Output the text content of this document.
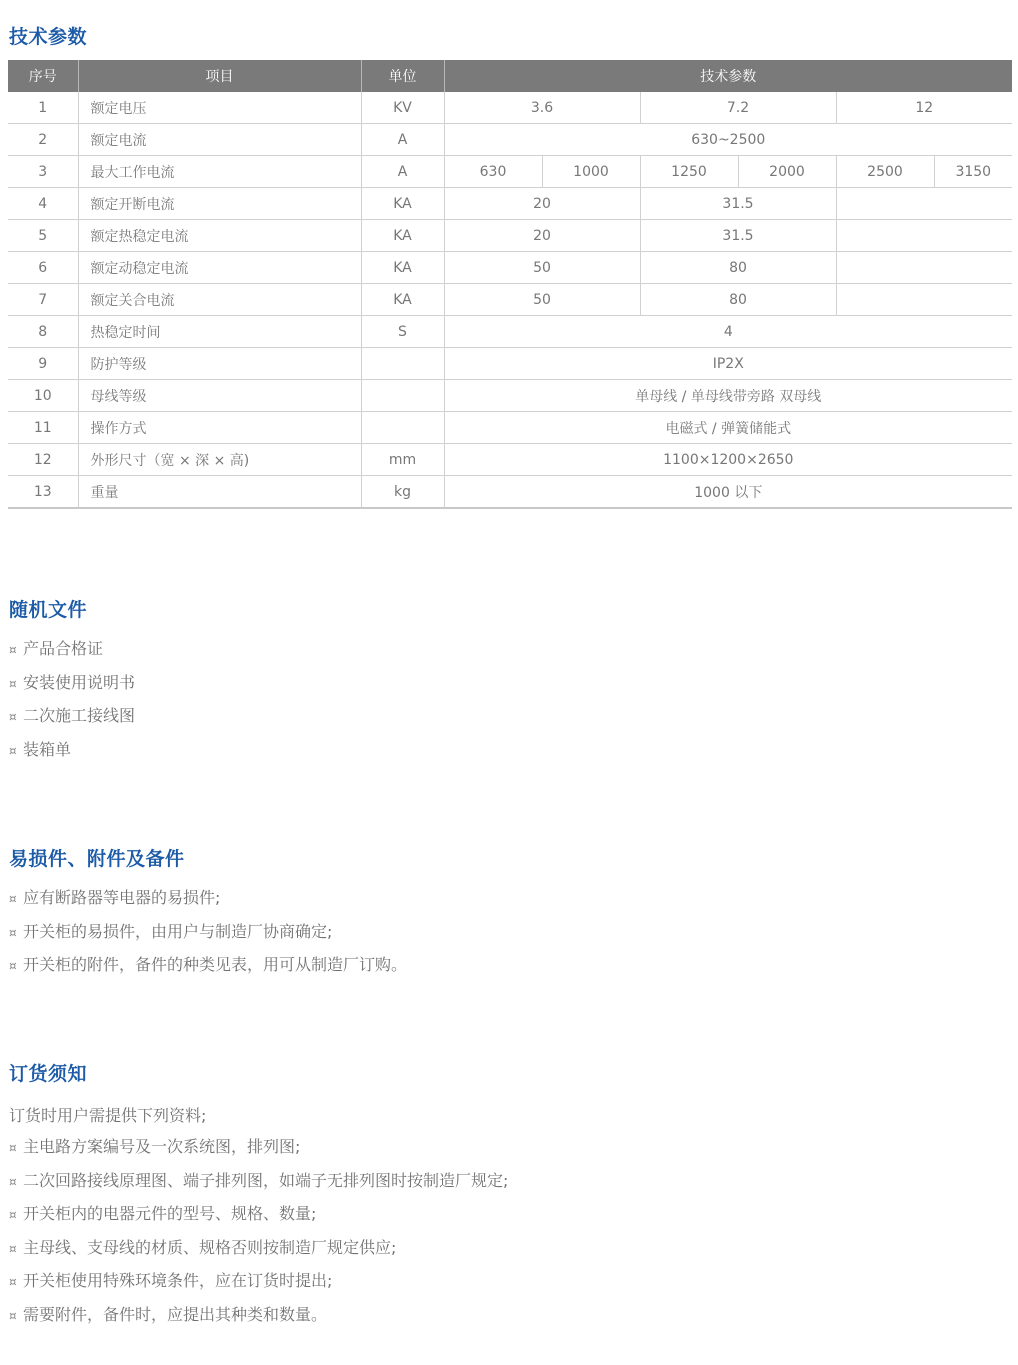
技术参数
序号	项目	单位	技术参数					
1	额定电压	KV	3.6		7.2		12	
2	额定电流	A	630~2500					
3	最大工作电流	A	630	1000	1250	2000	2500	3150
4	额定开断电流	KA	20		31.5			
5	额定热稳定电流	KA	20		31.5			
6	额定动稳定电流	KA	50		80			
7	额定关合电流	KA	50		80			
8	热稳定时间	S	4					
9	防护等级		IP2X					
10	母线等级		单母线 / 单母线带旁路 双母线					
11	操作方式		电磁式 / 弹簧储能式					
12	外形尺寸（宽 × 深 × 高)	mm	1100×1200×2650					
13	重量	kg	1000 以下					
随机文件
¤ 产品合格证
¤ 安装使用说明书
¤ 二次施工接线图
¤ 装箱单
易损件、附件及备件
¤ 应有断路器等电器的易损件;
¤ 开关柜的易损件，由用户与制造厂协商确定;
¤ 开关柜的附件，备件的种类见表，用可从制造厂订购。
订货须知

订货时用户需提供下列资料;

¤ 主电路方案编号及一次系统图，排列图;
¤ 二次回路接线原理图、端子排列图，如端子无排列图时按制造厂规定;
¤ 开关柜内的电器元件的型号、规格、数量;
¤ 主母线、支母线的材质、规格否则按制造厂规定供应;
¤ 开关柜使用特殊环境条件，应在订货时提出;
¤ 需要附件，备件时，应提出其种类和数量。
